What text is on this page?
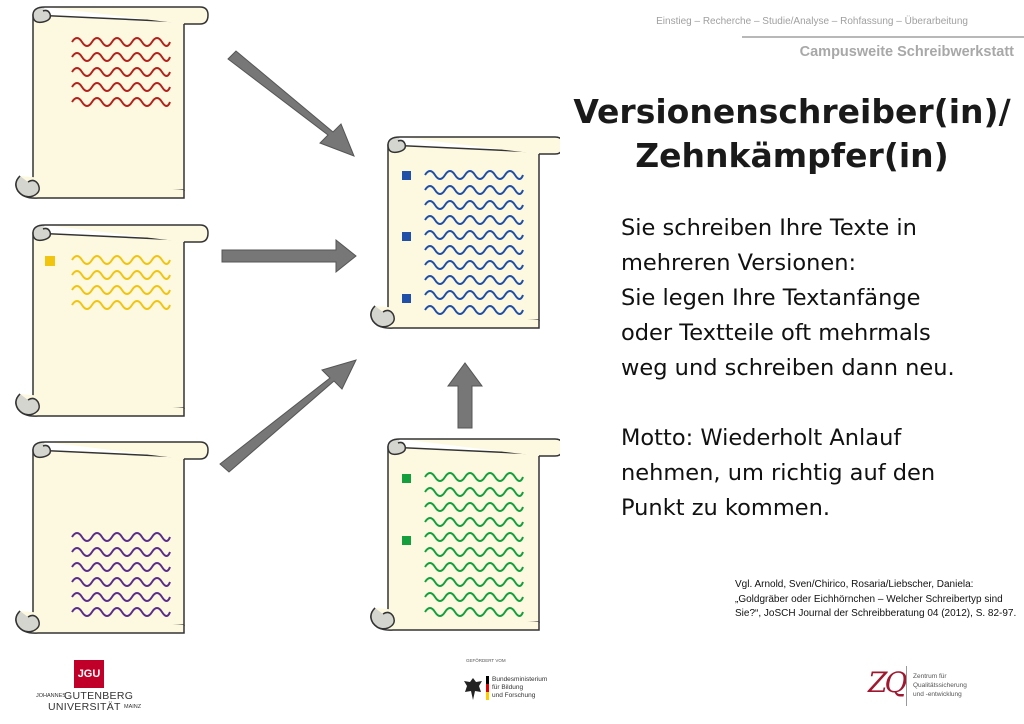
Einstieg – Recherche – Studie/Analyse – Rohfassung – Überarbeitung
Campusweite Schreibwerkstatt
Versionenschreiber(in)/
Zehnkämpfer(in)

Sie schreiben Ihre Texte in

mehreren Versionen:

Sie legen Ihre Textanfänge

oder Textteile oft mehrmals

weg und schreiben dann neu.

Motto: Wiederholt Anlauf

nehmen, um richtig auf den

Punkt zu kommen.

Vgl. Arnold, Sven/Chirico, Rosaria/Liebscher, Daniela:
„Goldgräber oder Eichhörnchen – Welcher Schreibertyp sind
Sie?“, JoSCH Journal der Schreibberatung 04 (2012), S. 82-97.
JGU
JOHANNES
GUTENBERG
UNIVERSITÄT MAINZ
GEFÖRDERT VOM
Bundesministerium
für Bildung
und Forschung	ZQ Zentrum für
Qualitätssicherung
und -entwicklung
